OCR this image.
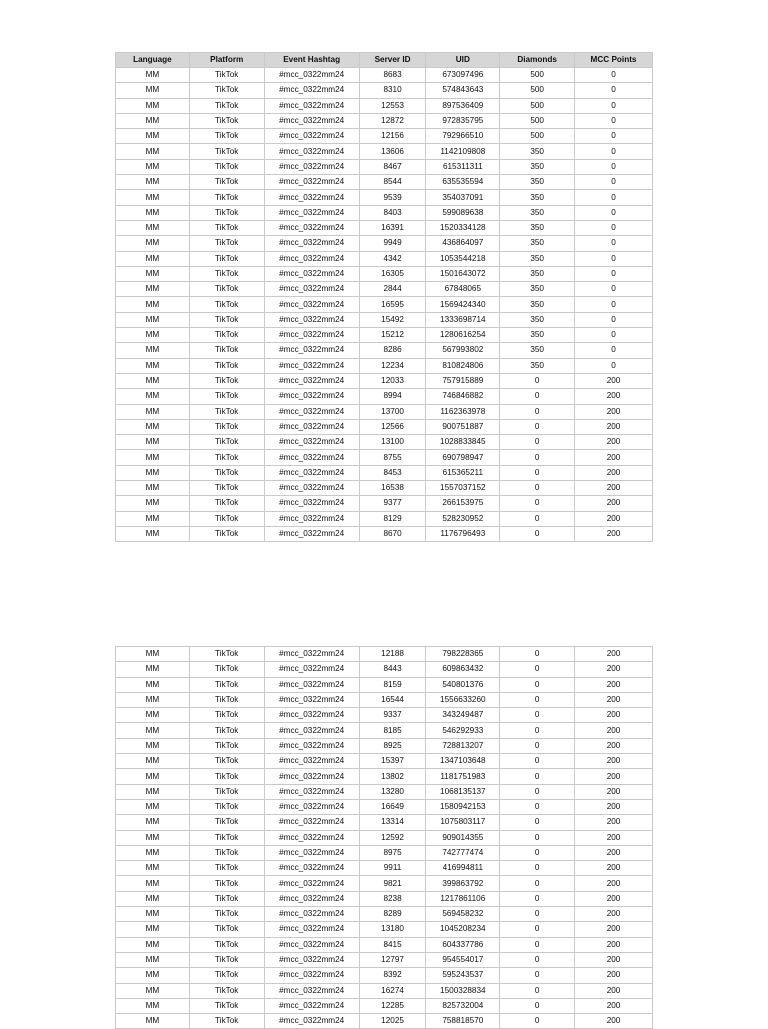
Language	Platform	Event Hashtag	Server ID	UID	Diamonds	MCC Points
MM	TikTok	#mcc_0322mm24	8683	673097496	500	0
MM	TikTok	#mcc_0322mm24	8310	574843643	500	0
MM	TikTok	#mcc_0322mm24	12553	897536409	500	0
MM	TikTok	#mcc_0322mm24	12872	972835795	500	0
MM	TikTok	#mcc_0322mm24	12156	792966510	500	0
MM	TikTok	#mcc_0322mm24	13606	1142109808	350	0
MM	TikTok	#mcc_0322mm24	8467	615311311	350	0
MM	TikTok	#mcc_0322mm24	8544	635535594	350	0
MM	TikTok	#mcc_0322mm24	9539	354037091	350	0
MM	TikTok	#mcc_0322mm24	8403	599089638	350	0
MM	TikTok	#mcc_0322mm24	16391	1520334128	350	0
MM	TikTok	#mcc_0322mm24	9949	436864097	350	0
MM	TikTok	#mcc_0322mm24	4342	1053544218	350	0
MM	TikTok	#mcc_0322mm24	16305	1501643072	350	0
MM	TikTok	#mcc_0322mm24	2844	67848065	350	0
MM	TikTok	#mcc_0322mm24	16595	1569424340	350	0
MM	TikTok	#mcc_0322mm24	15492	1333698714	350	0
MM	TikTok	#mcc_0322mm24	15212	1280616254	350	0
MM	TikTok	#mcc_0322mm24	8286	567993802	350	0
MM	TikTok	#mcc_0322mm24	12234	810824806	350	0
MM	TikTok	#mcc_0322mm24	12033	757915889	0	200
MM	TikTok	#mcc_0322mm24	8994	746846882	0	200
MM	TikTok	#mcc_0322mm24	13700	1162363978	0	200
MM	TikTok	#mcc_0322mm24	12566	900751887	0	200
MM	TikTok	#mcc_0322mm24	13100	1028833845	0	200
MM	TikTok	#mcc_0322mm24	8755	690798947	0	200
MM	TikTok	#mcc_0322mm24	8453	615365211	0	200
MM	TikTok	#mcc_0322mm24	16538	1557037152	0	200
MM	TikTok	#mcc_0322mm24	9377	266153975	0	200
MM	TikTok	#mcc_0322mm24	8129	528230952	0	200
MM	TikTok	#mcc_0322mm24	8670	1176796493	0	200
MM	TikTok	#mcc_0322mm24	12188	798228365	0	200
MM	TikTok	#mcc_0322mm24	8443	609863432	0	200
MM	TikTok	#mcc_0322mm24	8159	540801376	0	200
MM	TikTok	#mcc_0322mm24	16544	1556633260	0	200
MM	TikTok	#mcc_0322mm24	9337	343249487	0	200
MM	TikTok	#mcc_0322mm24	8185	546292933	0	200
MM	TikTok	#mcc_0322mm24	8925	728813207	0	200
MM	TikTok	#mcc_0322mm24	15397	1347103648	0	200
MM	TikTok	#mcc_0322mm24	13802	1181751983	0	200
MM	TikTok	#mcc_0322mm24	13280	1068135137	0	200
MM	TikTok	#mcc_0322mm24	16649	1580942153	0	200
MM	TikTok	#mcc_0322mm24	13314	1075803117	0	200
MM	TikTok	#mcc_0322mm24	12592	909014355	0	200
MM	TikTok	#mcc_0322mm24	8975	742777474	0	200
MM	TikTok	#mcc_0322mm24	9911	416994811	0	200
MM	TikTok	#mcc_0322mm24	9821	399863792	0	200
MM	TikTok	#mcc_0322mm24	8238	1217861106	0	200
MM	TikTok	#mcc_0322mm24	8289	569458232	0	200
MM	TikTok	#mcc_0322mm24	13180	1045208234	0	200
MM	TikTok	#mcc_0322mm24	8415	604337786	0	200
MM	TikTok	#mcc_0322mm24	12797	954554017	0	200
MM	TikTok	#mcc_0322mm24	8392	595243537	0	200
MM	TikTok	#mcc_0322mm24	16274	1500328834	0	200
MM	TikTok	#mcc_0322mm24	12285	825732004	0	200
MM	TikTok	#mcc_0322mm24	12025	758818570	0	200
